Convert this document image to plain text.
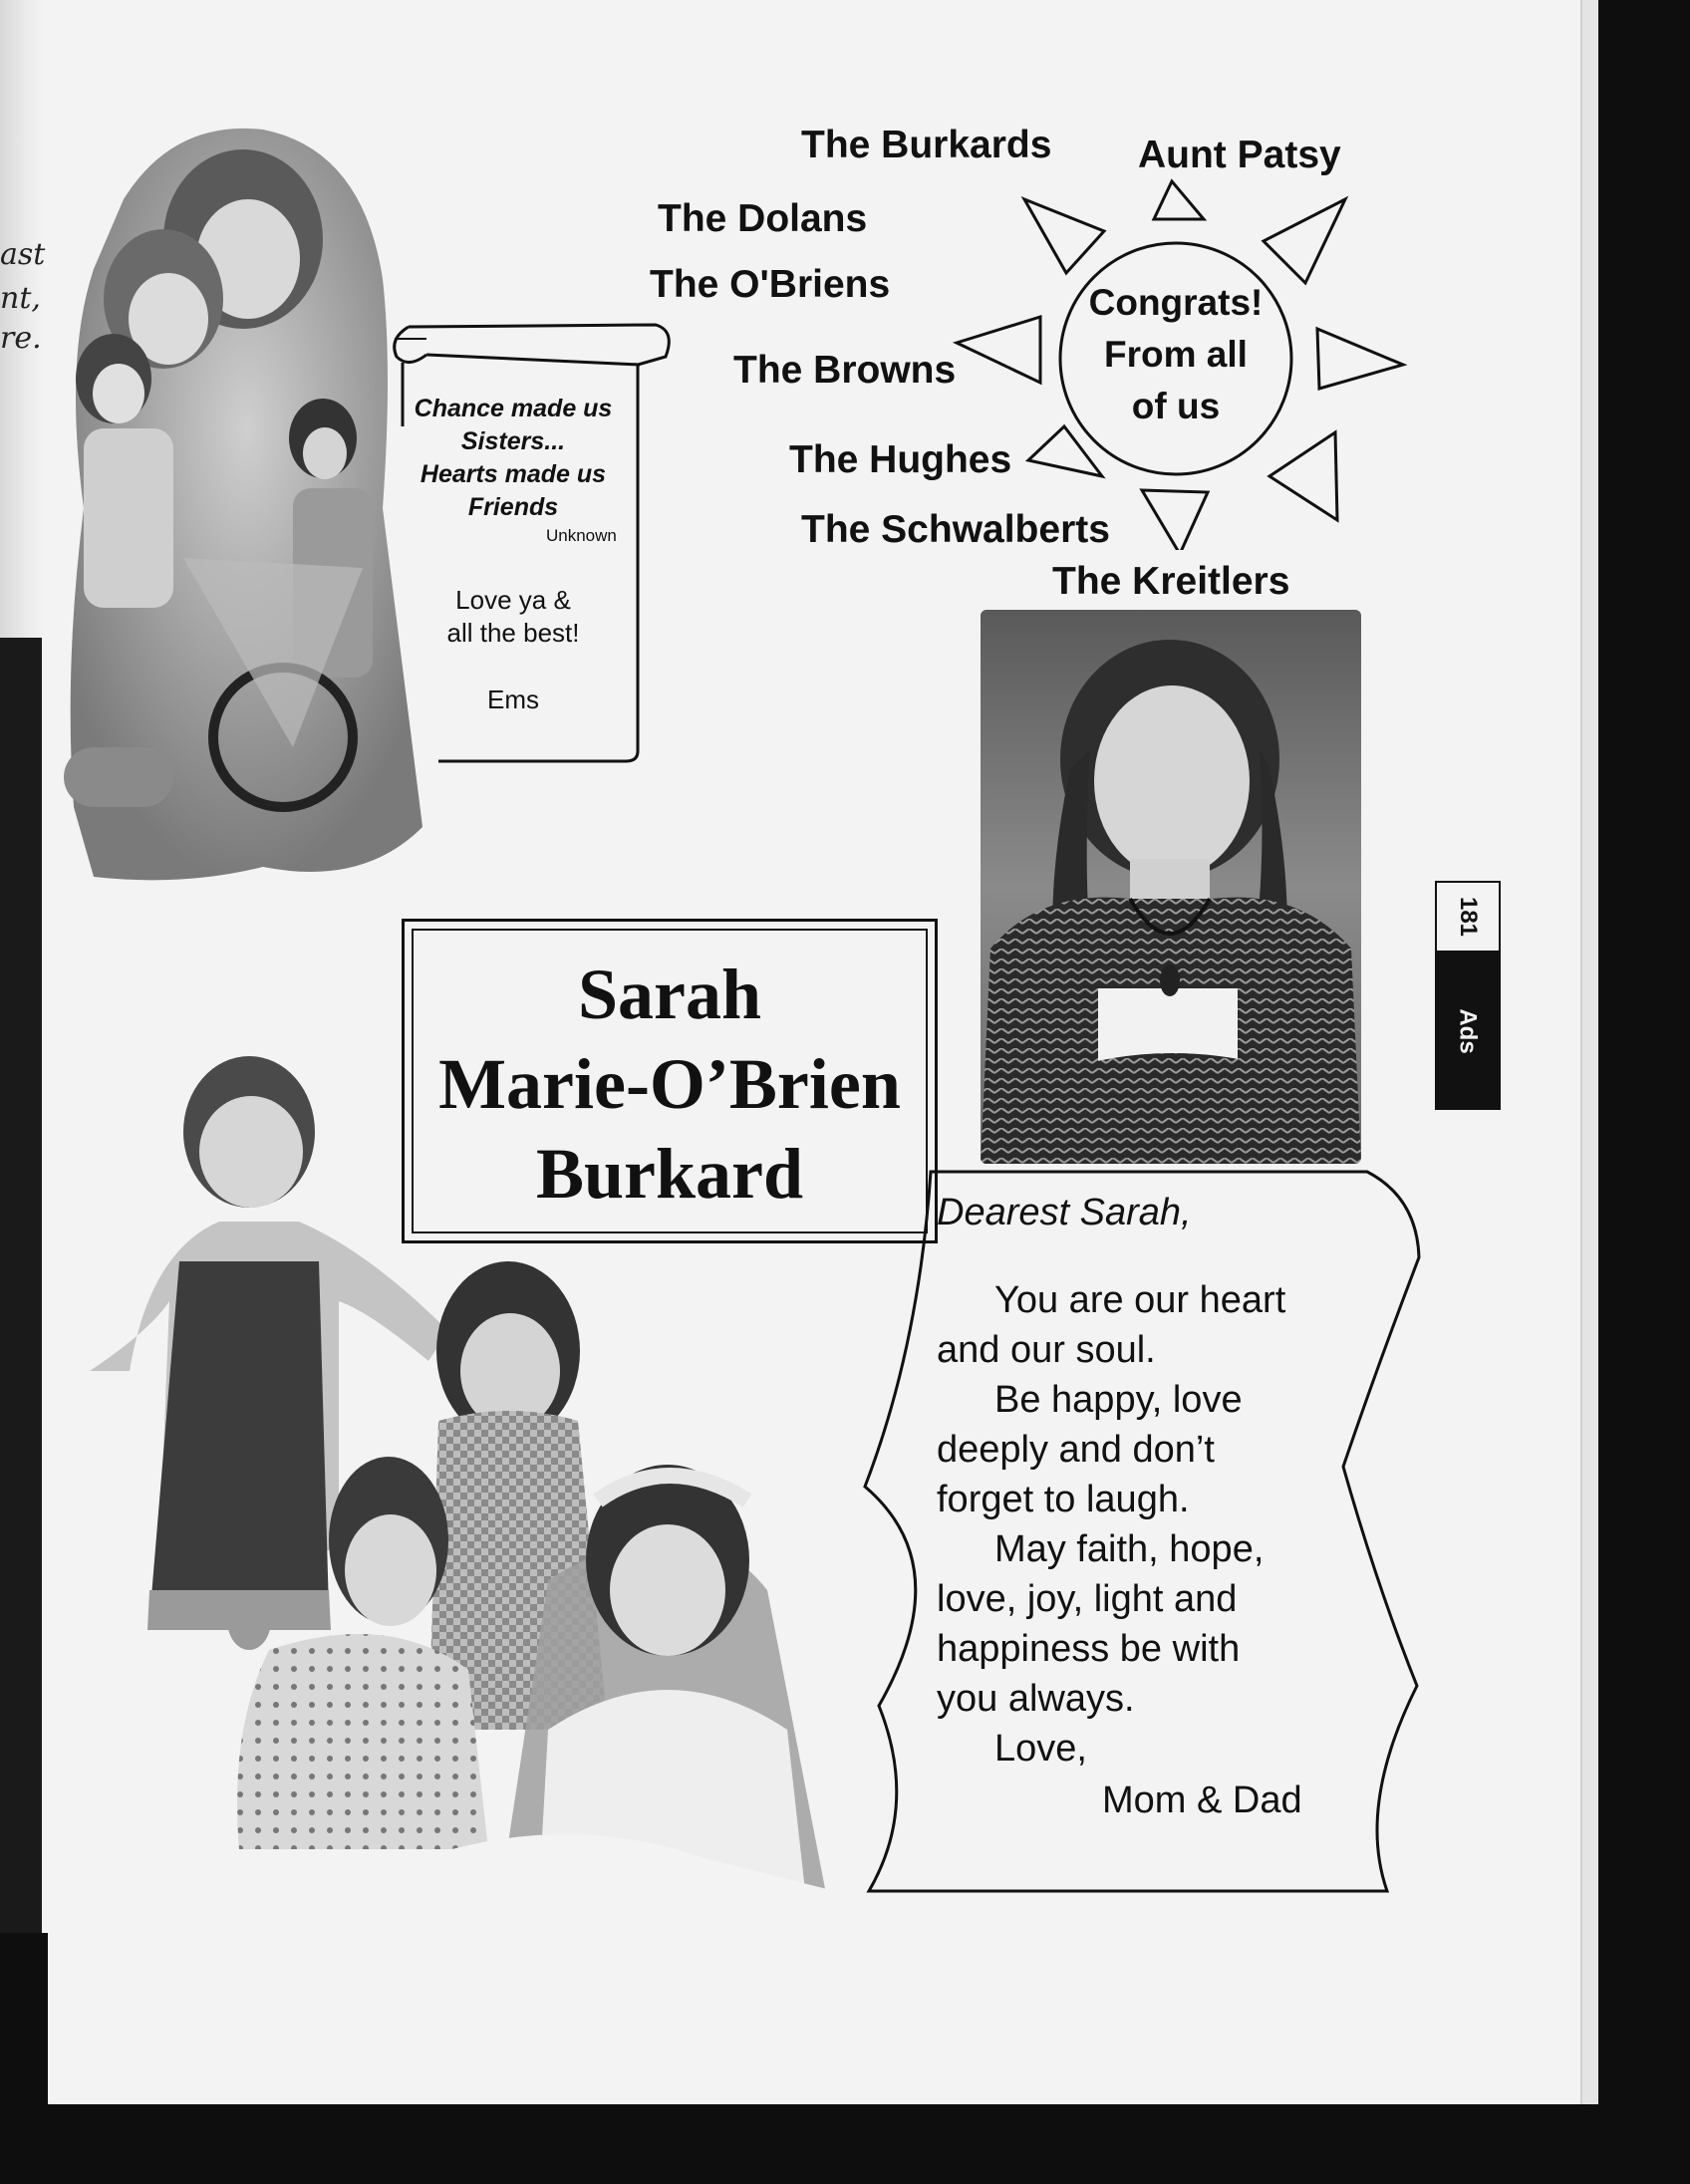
ast
nt,
re.
Chance made us
Sisters...
Hearts made us
Friends
Unknown
Love ya &
all the best!
Ems
Congrats!
From all
of us
The Burkards Aunt Patsy
The Dolans
The O'Briens
The Browns
The Hughes
The Schwalberts
The Kreitlers
Sarah
Marie-O’Brien
Burkard	Dearest Sarah,
You are our heart
and our soul.
Be happy, love
deeply and don’t
forget to laugh.
May faith, hope,
love, joy, light and
happiness be with
you always.
Love,
Mom & Dad
181
Ads
